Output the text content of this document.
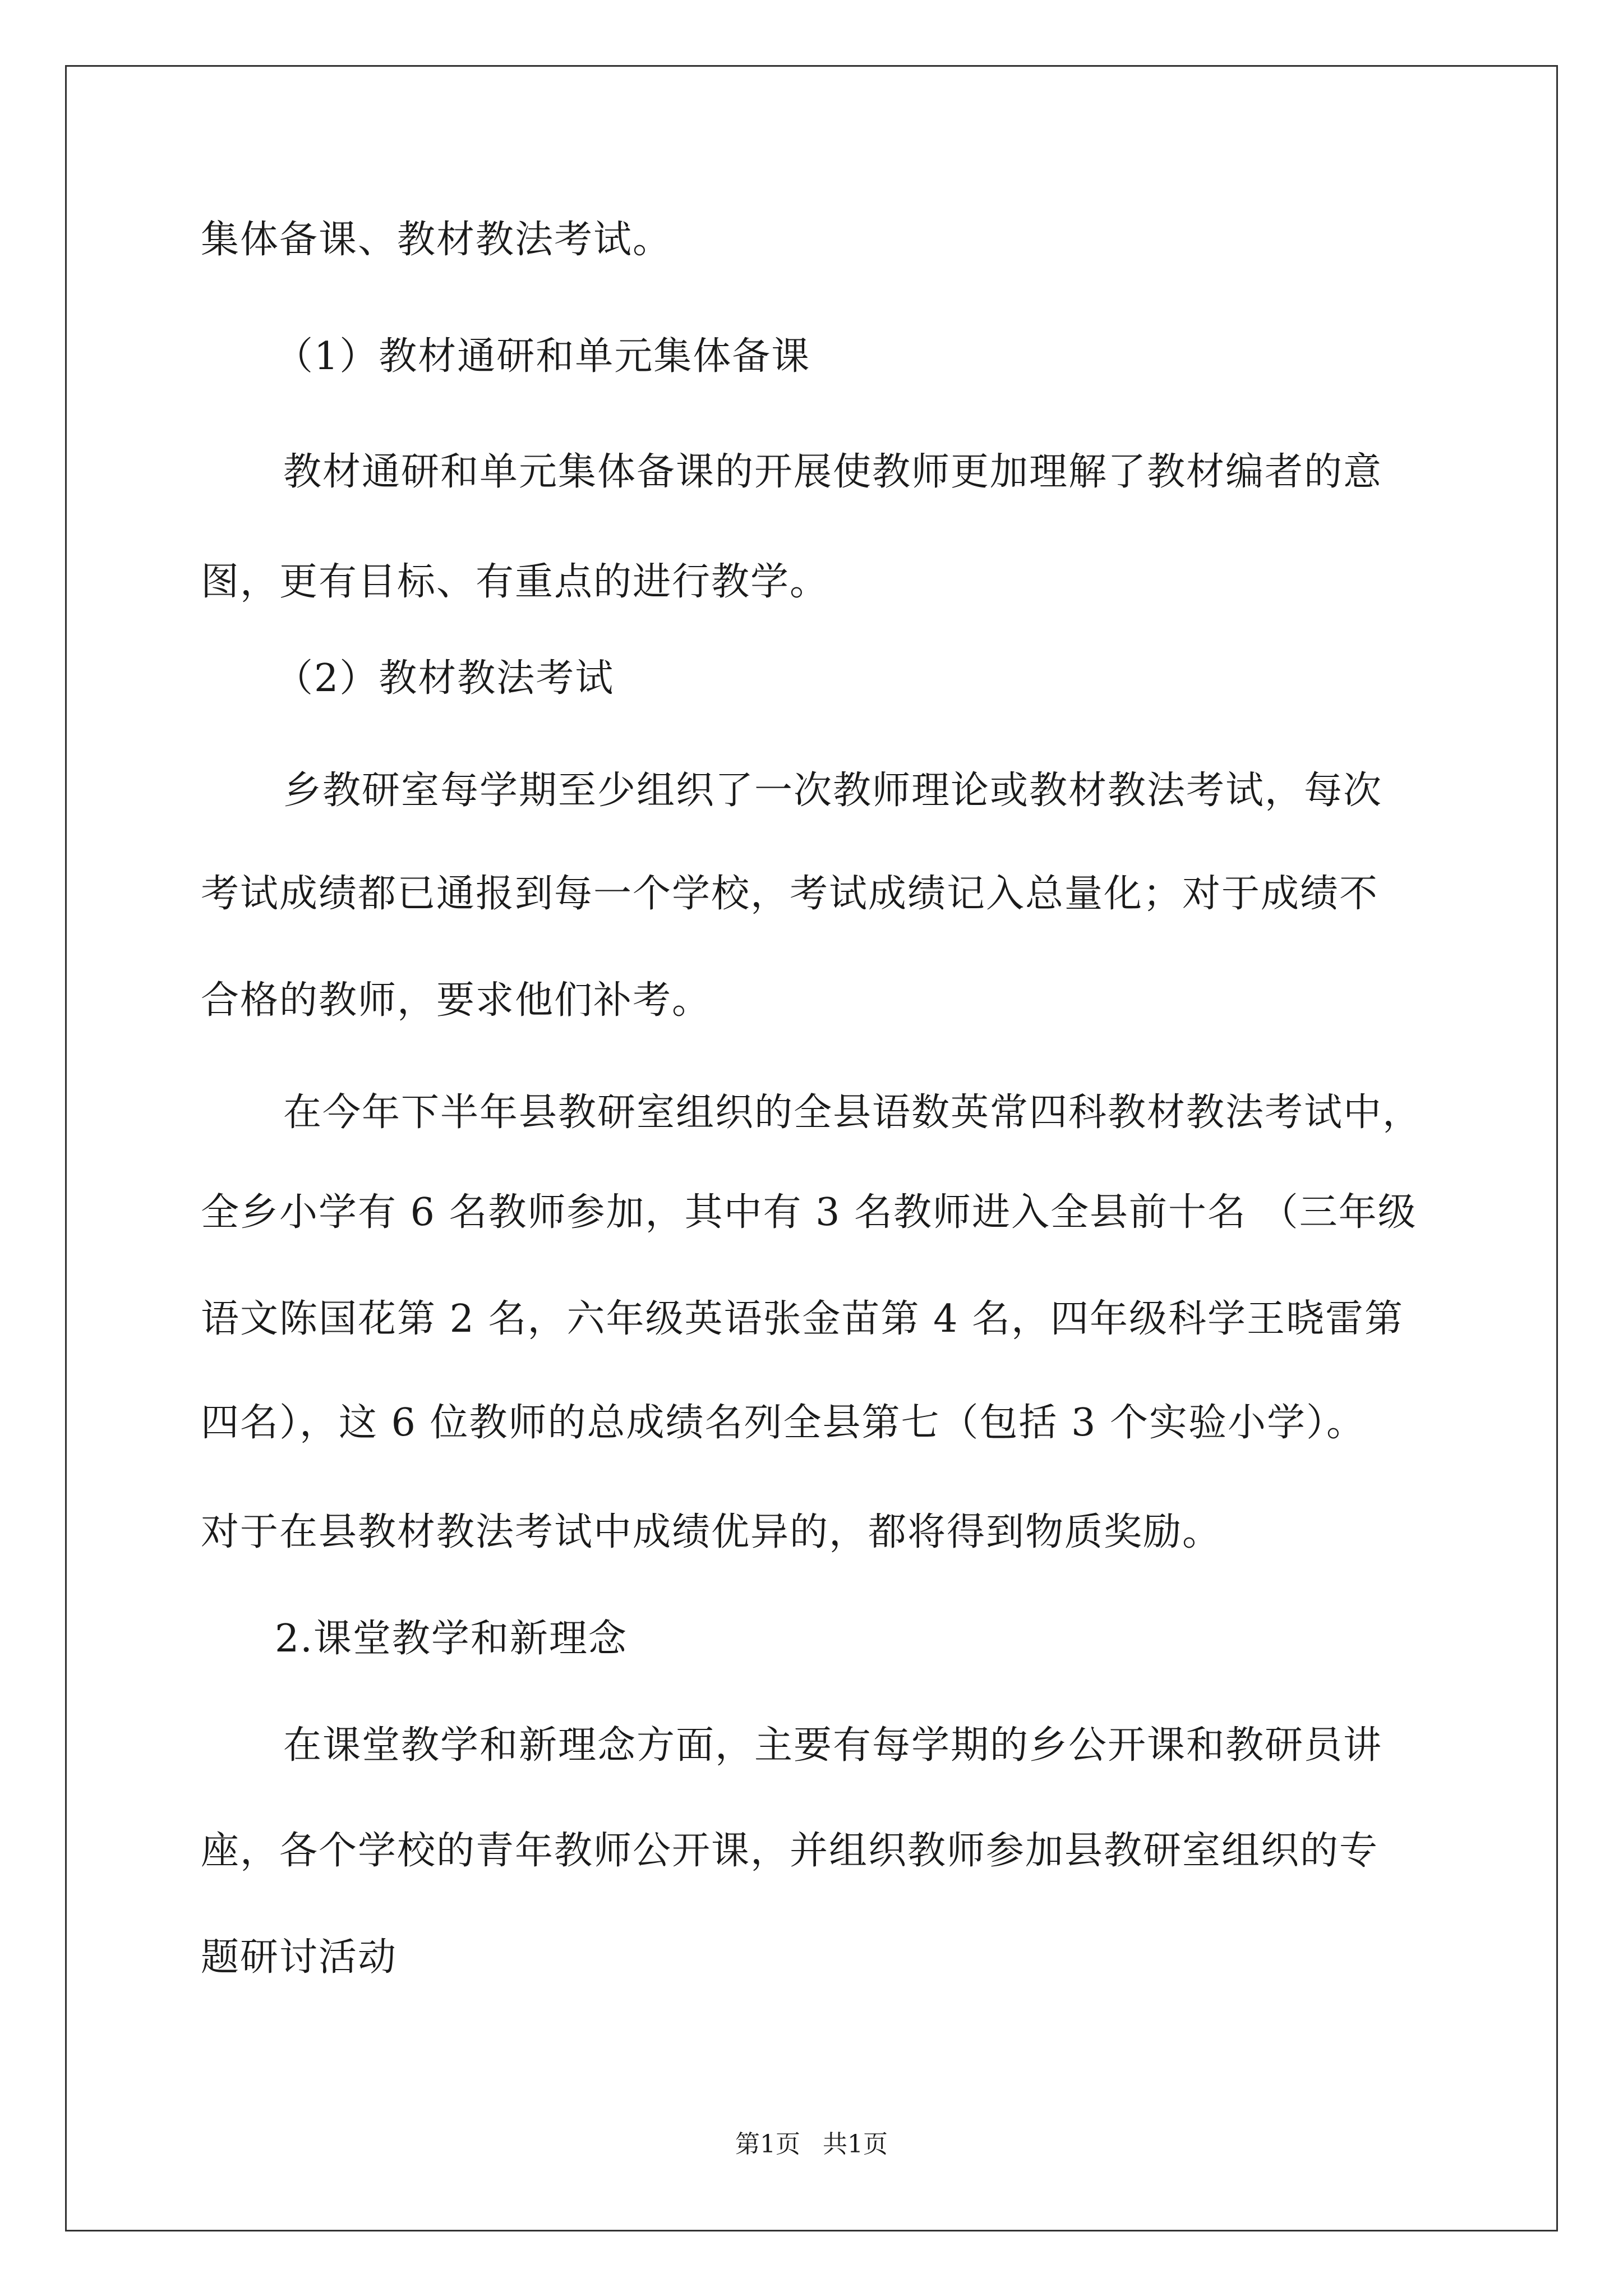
集体备课、教材教法考试。
（1）教材通研和单元集体备课
教材通研和单元集体备课的开展使教师更加理解了教材编者的意
图，更有目标、有重点的进行教学。
（2）教材教法考试
乡教研室每学期至少组织了一次教师理论或教材教法考试，每次
考试成绩都已通报到每一个学校，考试成绩记入总量化；对于成绩不
合格的教师，要求他们补考。
在今年下半年县教研室组织的全县语数英常四科教材教法考试中，
全乡小学有 6 名教师参加，其中有 3 名教师进入全县前十名 （三年级
语文陈国花第 2 名，六年级英语张金苗第 4 名，四年级科学王晓雷第
四名），这 6 位教师的总成绩名列全县第七（包括 3 个实验小学）。
对于在县教材教法考试中成绩优异的，都将得到物质奖励。
2.课堂教学和新理念
在课堂教学和新理念方面，主要有每学期的乡公开课和教研员讲
座，各个学校的青年教师公开课，并组织教师参加县教研室组织的专
题研讨活动
第1页 共1页
